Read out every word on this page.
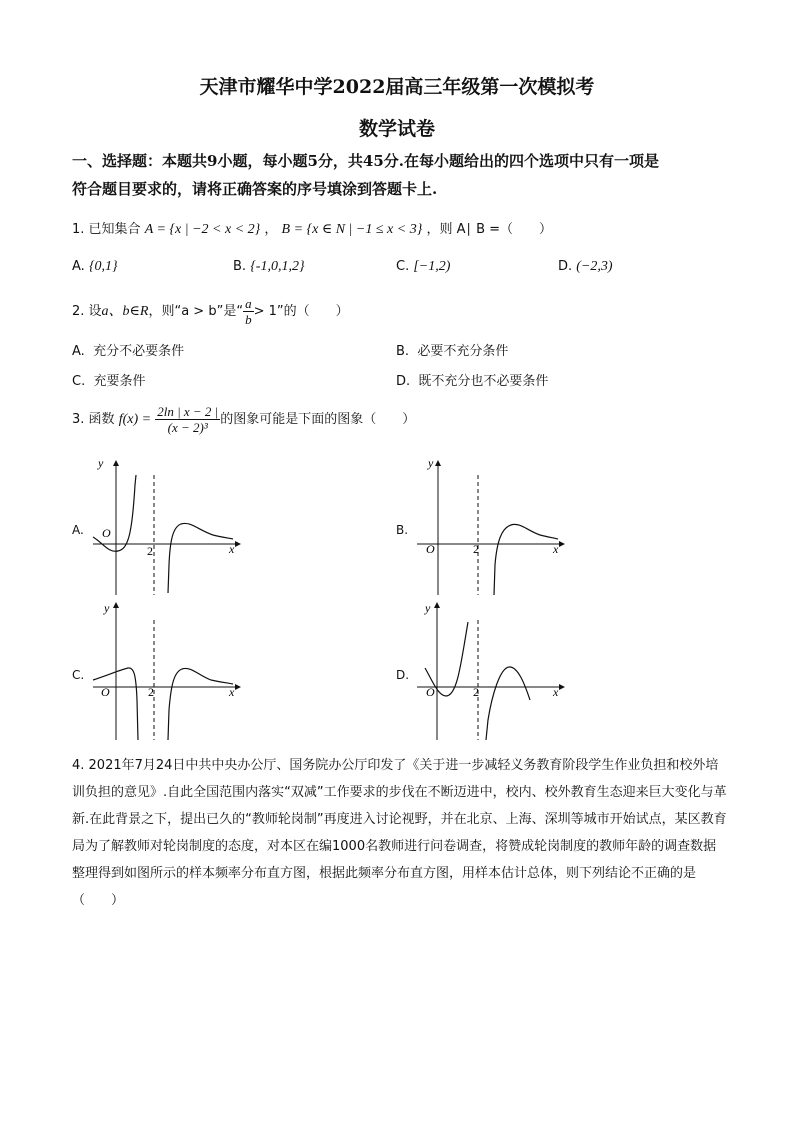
天津市耀华中学2022届高三年级第一次模拟考
数学试卷
一、选择题：本题共9小题，每小题5分，共45分.在每小题给出的四个选项中只有一项是
符合题目要求的，请将正确答案的序号填涂到答题卡上.
1. 已知集合 A = {x | −2 < x < 2} ， B = {x ∈ N | −1 ≤ x < 3} ，则 A∣ B =（　　）
A. {0,1}	B. {-1,0,1,2}	C. [−1,2)	D. (−2,3)
2. 设a、b∈R，则“a > b”是“ $\frac{a}{b} > 1$”的（　　）
A. 充分不必要条件	B. 必要不充分条件
C. 充要条件	D. 既不充分也不必要条件
3. 函数 $f(x) = \frac{2\ln | x - 2 |}{\text{(x − 2)³}}$ 的图象可能是下面的图象（　　）
A.	B.
C.	D.
y
x
O
2
y
x
O	2
y
x
O	2
y
x
O	2
4. 2021年7月24日中共中央办公厅、国务院办公厅印发了《关于进一步减轻义务教育阶段学生作业负担和校外培训负担的意见》.自此全国范围内落实“双减”工作要求的步伐在不断迈进中，校内、校外教育生态迎来巨大变化与革新.在此背景之下，提出已久的“教师轮岗制”再度进入讨论视野，并在北京、上海、深圳等城市开始试点，某区教育局为了解教师对轮岗制度的态度，对本区在编1000名教师进行问卷调查，将赞成轮岗制度的教师年龄的调查数据整理得到如图所示的样本频率分布直方图，根据此频率分布直方图，用样本估计总体，则下列结论不正确的是（　　）
